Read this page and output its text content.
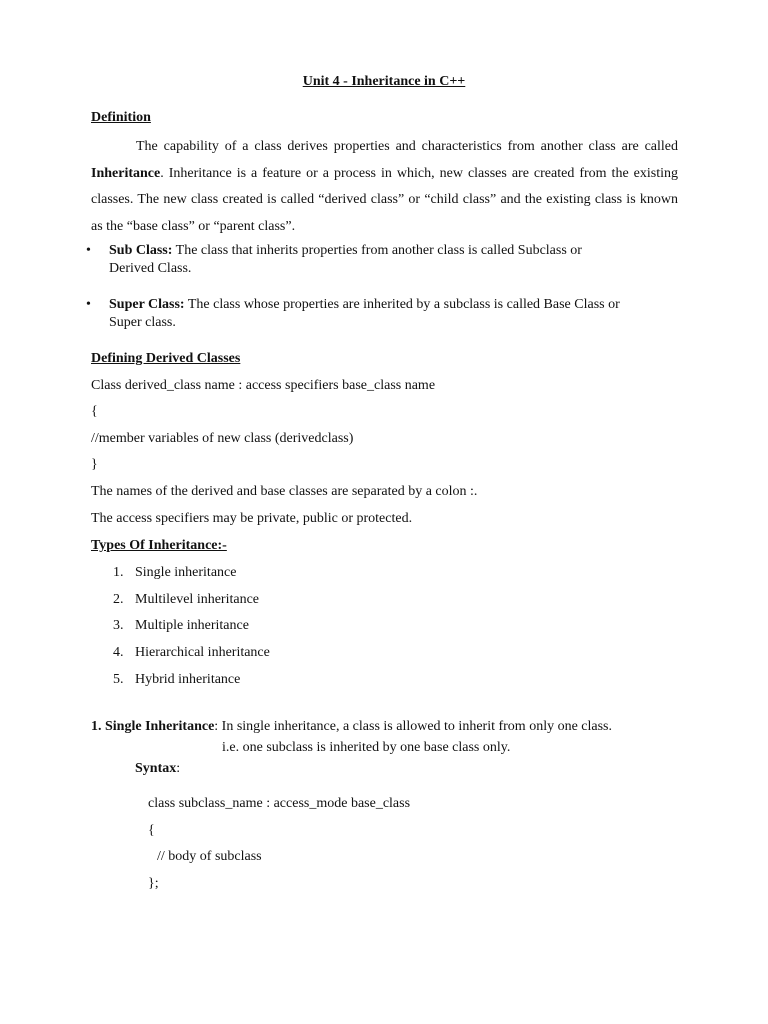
Unit 4 - Inheritance in C++
Definition

The capability of a class derives properties and characteristics from another class are called Inheritance. Inheritance is a feature or a process in which, new classes are created from the existing classes. The new class created is called “derived class” or “child class” and the existing class is known as the “base class” or “parent class”.

• Sub Class: The class that inherits properties from another class is called Subclass or
Derived Class.
• Super Class: The class whose properties are inherited by a subclass is called Base Class or
Super class.
Defining Derived Classes
Class derived_class name : access specifiers base_class name
{
//member variables of new class (derivedclass)
}
The names of the derived and base classes are separated by a colon :.
The access specifiers may be private, public or protected.
Types Of Inheritance:-
1. Single inheritance
2. Multilevel inheritance
3. Multiple inheritance
4. Hierarchical inheritance
5. Hybrid inheritance
1. Single Inheritance: In single inheritance, a class is allowed to inherit from only one class.
i.e. one subclass is inherited by one base class only.
Syntax:
class subclass_name : access_mode base_class
{
// body of subclass
};
